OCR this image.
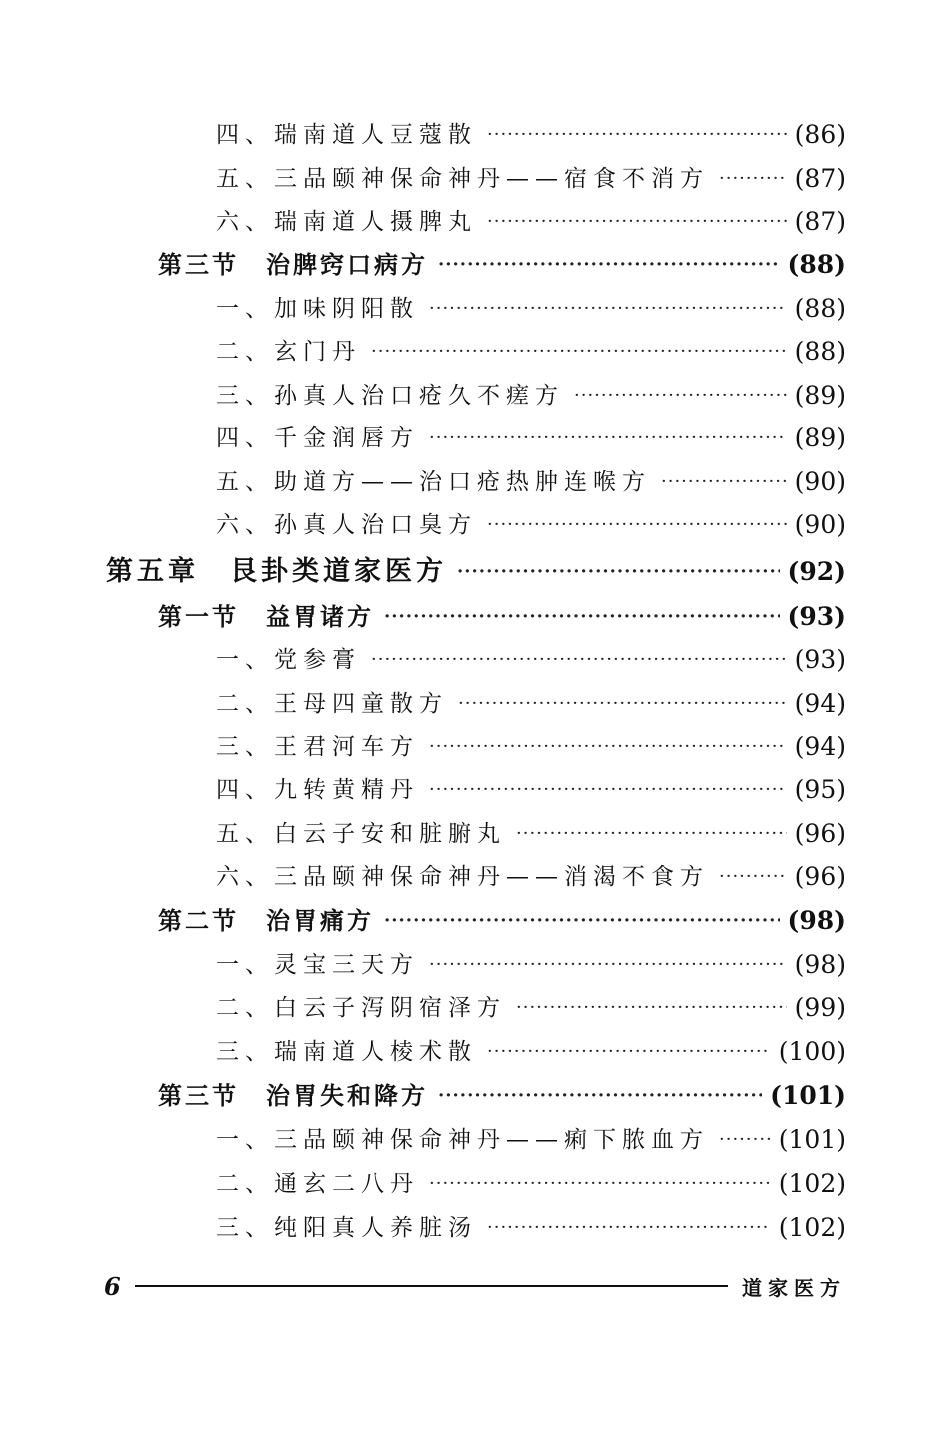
四、瑞南道人豆蔻散 ·····	(86)
五、三品颐神保命神丹——宿食不消方 ·····	(87)
六、瑞南道人摄脾丸 ·····	(87)
第三节　治脾窍口病方 ·····	(88)
一、加味阴阳散 ·····	(88)
二、玄门丹 ·····	(88)
三、孙真人治口疮久不瘥方 ·····	(89)
四、千金润唇方 ·····	(89)
五、助道方——治口疮热肿连喉方 ·····	(90)
六、孙真人治口臭方 ·····	(90)
第五章　艮卦类道家医方 ·····	(92)
第一节　益胃诸方 ·····	(93)
一、党参膏 ·····	(93)
二、王母四童散方 ·····	(94)
三、王君河车方 ·····	(94)
四、九转黄精丹 ·····	(95)
五、白云子安和脏腑丸 ·····	(96)
六、三品颐神保命神丹——消渴不食方 ·····	(96)
第二节　治胃痛方 ·····	(98)
一、灵宝三天方 ·····	(98)
二、白云子泻阴宿泽方 ·····	(99)
三、瑞南道人棱术散 ·····	(100)
第三节　治胃失和降方 ·····	(101)
一、三品颐神保命神丹——痢下脓血方 ·····	(101)
二、通玄二八丹 ·····	(102)
三、纯阳真人养脏汤 ·····	(102)
6	道家医方
